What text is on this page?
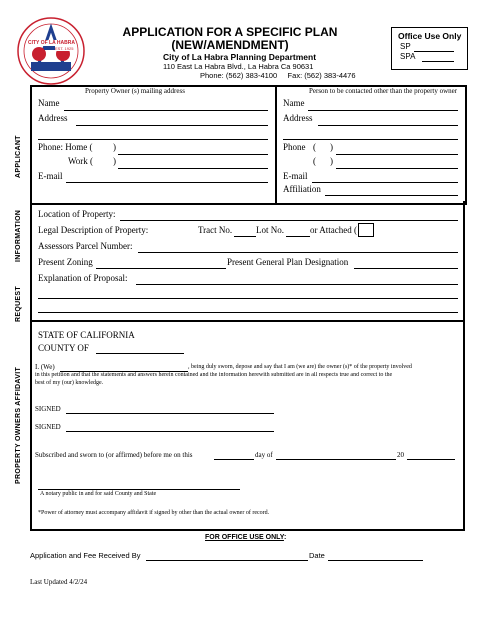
CITY OF LA HABRA
EST. 1925
APPLICATION FOR A SPECIFIC PLAN
(NEW/AMENDMENT)
City of La Habra Planning Department
110 East La Habra Blvd., La Habra Ca 90631
Phone: (562) 383-4100     Fax: (562) 383-4476
Office Use Only
SP
SPA
APPLICANT
INFORMATION
REQUEST
PROPERTY OWNERS AFFIDAVIT
Property Owner (s) mailing address
Name
Address
Phone: Home ( )
Work ( )
E-mail
Person to be contacted other than the property owner
Name
Address
Phone ( )
( )
E-mail
Affiliation
Location of Property:
Legal Description of Property:	Tract No.	Lot No.	or Attached (
Assessors Parcel Number:
Present Zoning	Present General Plan Designation
Explanation of Proposal:
STATE OF CALIFORNIA
COUNTY OF
I. (We)	, being duly sworn, depose and say that I am (we are) the owner (s)* of the property involved
in this petition and that the statements and answers herein contained and the information herewith submitted are in all respects true and correct to the
best of my (our) knowledge.
SIGNED
SIGNED
Subscribed and sworn to (or affirmed) before me on this	day of	20
A notary public in and for said County and State
*Power of attorney must accompany affidavit if signed by other than the actual owner of record.
FOR OFFICE USE ONLY:
Application and Fee Received By	Date
Last Updated 4/2/24
